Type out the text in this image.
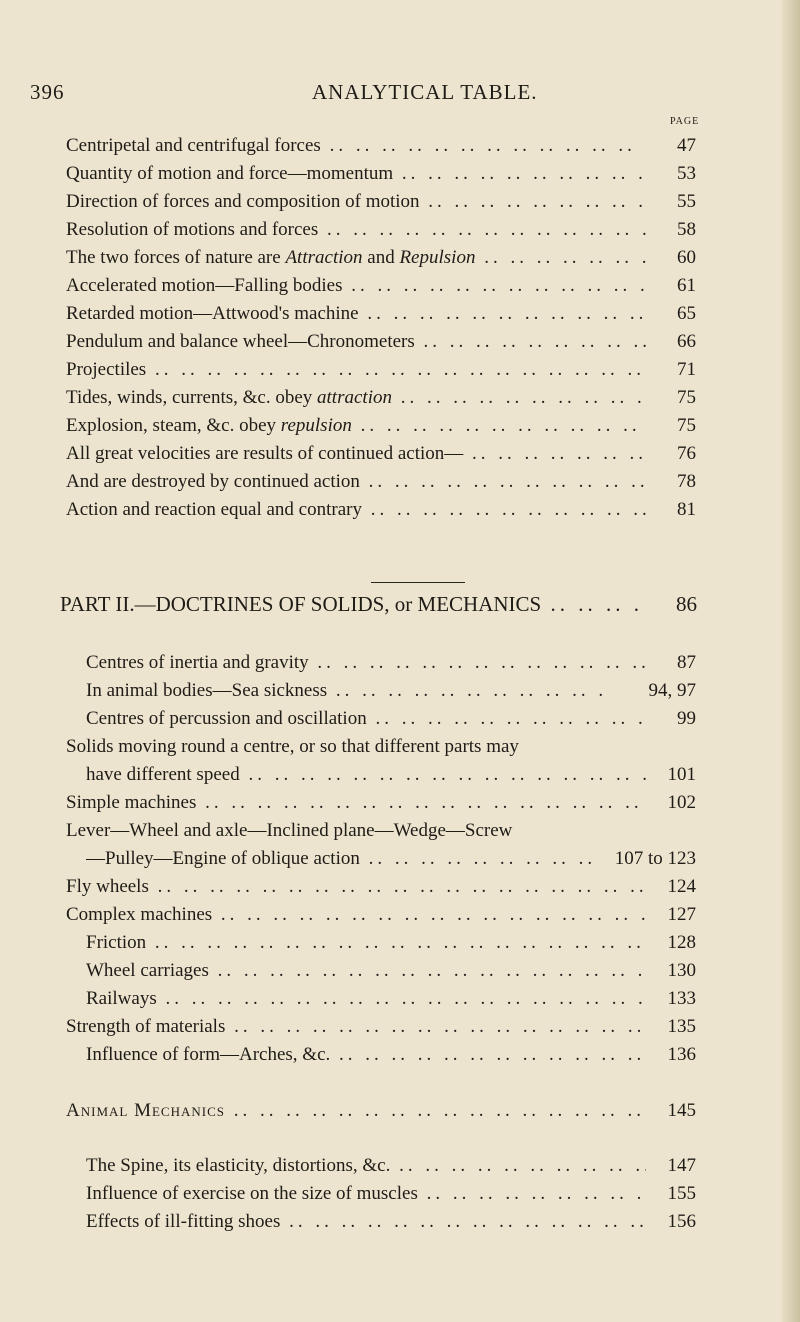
396	ANALYTICAL TABLE.
PAGE
Centripetal and centrifugal forces .. ..	47
Quantity of motion and force—momentum .. ..	53
Direction of forces and composition of motion .. ..	55
Resolution of motions and forces .. ..	58
The two forces of nature are Attraction and Repulsion .. ..	60
Accelerated motion—Falling bodies .. ..	61
Retarded motion—Attwood's machine .. ..	65
Pendulum and balance wheel—Chronometers .. ..	66
Projectiles .. ..	71
Tides, winds, currents, &c. obey attraction .. ..	75
Explosion, steam, &c. obey repulsion .. ..	75
All great velocities are results of continued action— .. ..	76
And are destroyed by continued action .. ..	78
Action and reaction equal and contrary .. ..	81
PART II.—DOCTRINES OF SOLIDS, or MECHANICS .. ..	86
Centres of inertia and gravity .. ..	87
In animal bodies—Sea sickness .. ..	94, 97
Centres of percussion and oscillation .. ..	99
Solids moving round a centre, or so that different parts may
have different speed .. ..	101
Simple machines .. ..	102
Lever—Wheel and axle—Inclined plane—Wedge—Screw
—Pulley—Engine of oblique action .. ..	107 to 123
Fly wheels .. ..	124
Complex machines .. ..	127
Friction .. ..	128
Wheel carriages .. ..	130
Railways .. ..	133
Strength of materials .. ..	135
Influence of form—Arches, &c. .. ..	136
Animal Mechanics .. ..	145
The Spine, its elasticity, distortions, &c. .. ..	147
Influence of exercise on the size of muscles .. ..	155
Effects of ill-fitting shoes .. ..	156
